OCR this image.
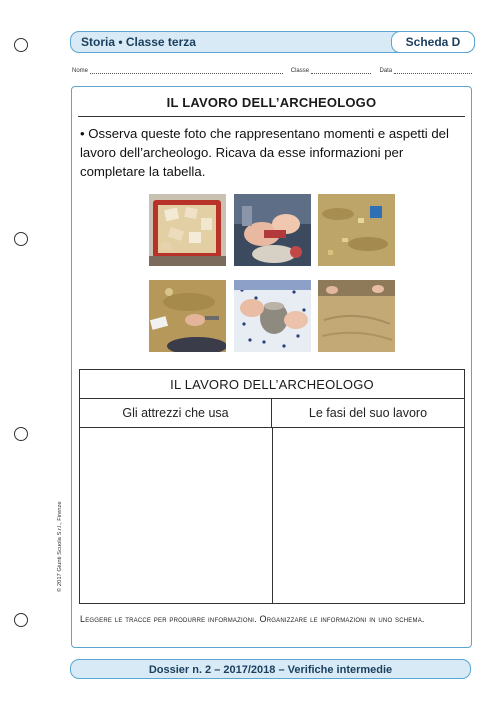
Storia • Classe terza	Scheda D
Nome	Classe	Data
IL LAVORO DELL’ARCHEOLOGO

• Osserva queste foto che rappresentano momenti e aspetti del lavoro dell’archeologo. Ricava da esse informazioni per completare la tabella.

IL LAVORO DELL’ARCHEOLOGO
Gli attrezzi che usa	Le fasi del suo lavoro

Leggere le tracce per produrre informazioni. Organizzare le informazioni in uno schema.

© 2017 Giunti Scuola S.r.l., Firenze
Dossier n. 2 – 2017/2018 – Verifiche intermedie
